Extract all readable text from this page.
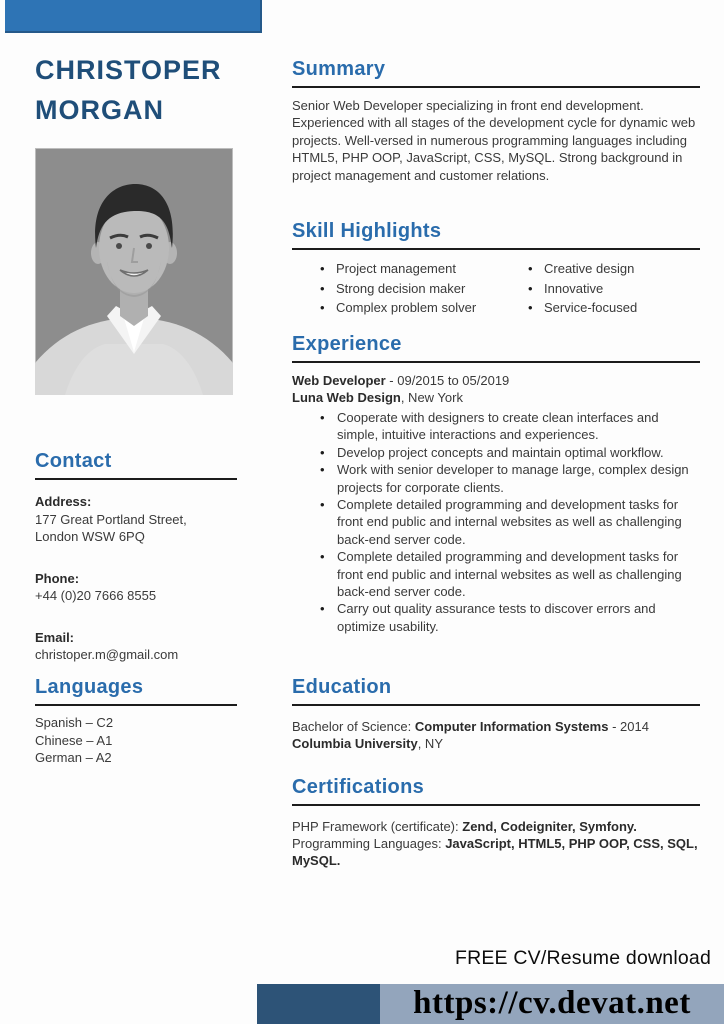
CHRISTOPER
MORGAN
Contact
Address:
177 Great Portland Street,
London WSW 6PQ
Phone:
+44 (0)20 7666 8555
Email:
christoper.m@gmail.com
Languages
Spanish – C2
Chinese – A1
German – A2
Summary

Senior Web Developer specializing in front end development. Experienced with all stages of the development cycle for dynamic web projects. Well-versed in numerous programming languages including HTML5, PHP OOP, JavaScript, CSS, MySQL. Strong background in project management and customer relations.

Skill Highlights
• Project management
• Strong decision maker
• Complex problem solver
• Creative design
• Innovative
• Service-focused
Experience
Web Developer - 09/2015 to 05/2019
Luna Web Design, New York
• Cooperate with designers to create clean interfaces and simple, intuitive interactions and experiences.
• Develop project concepts and maintain optimal workflow.
• Work with senior developer to manage large, complex design projects for corporate clients.
• Complete detailed programming and development tasks for front end public and internal websites as well as challenging back-end server code.
• Complete detailed programming and development tasks for front end public and internal websites as well as challenging back-end server code.
• Carry out quality assurance tests to discover errors and optimize usability.
Education
Bachelor of Science: Computer Information Systems - 2014
Columbia University, NY
Certifications

PHP Framework (certificate): Zend, Codeigniter, Symfony.
Programming Languages: JavaScript, HTML5, PHP OOP, CSS, SQL, MySQL.

FREE CV/Resume download
https://cv.devat.net
